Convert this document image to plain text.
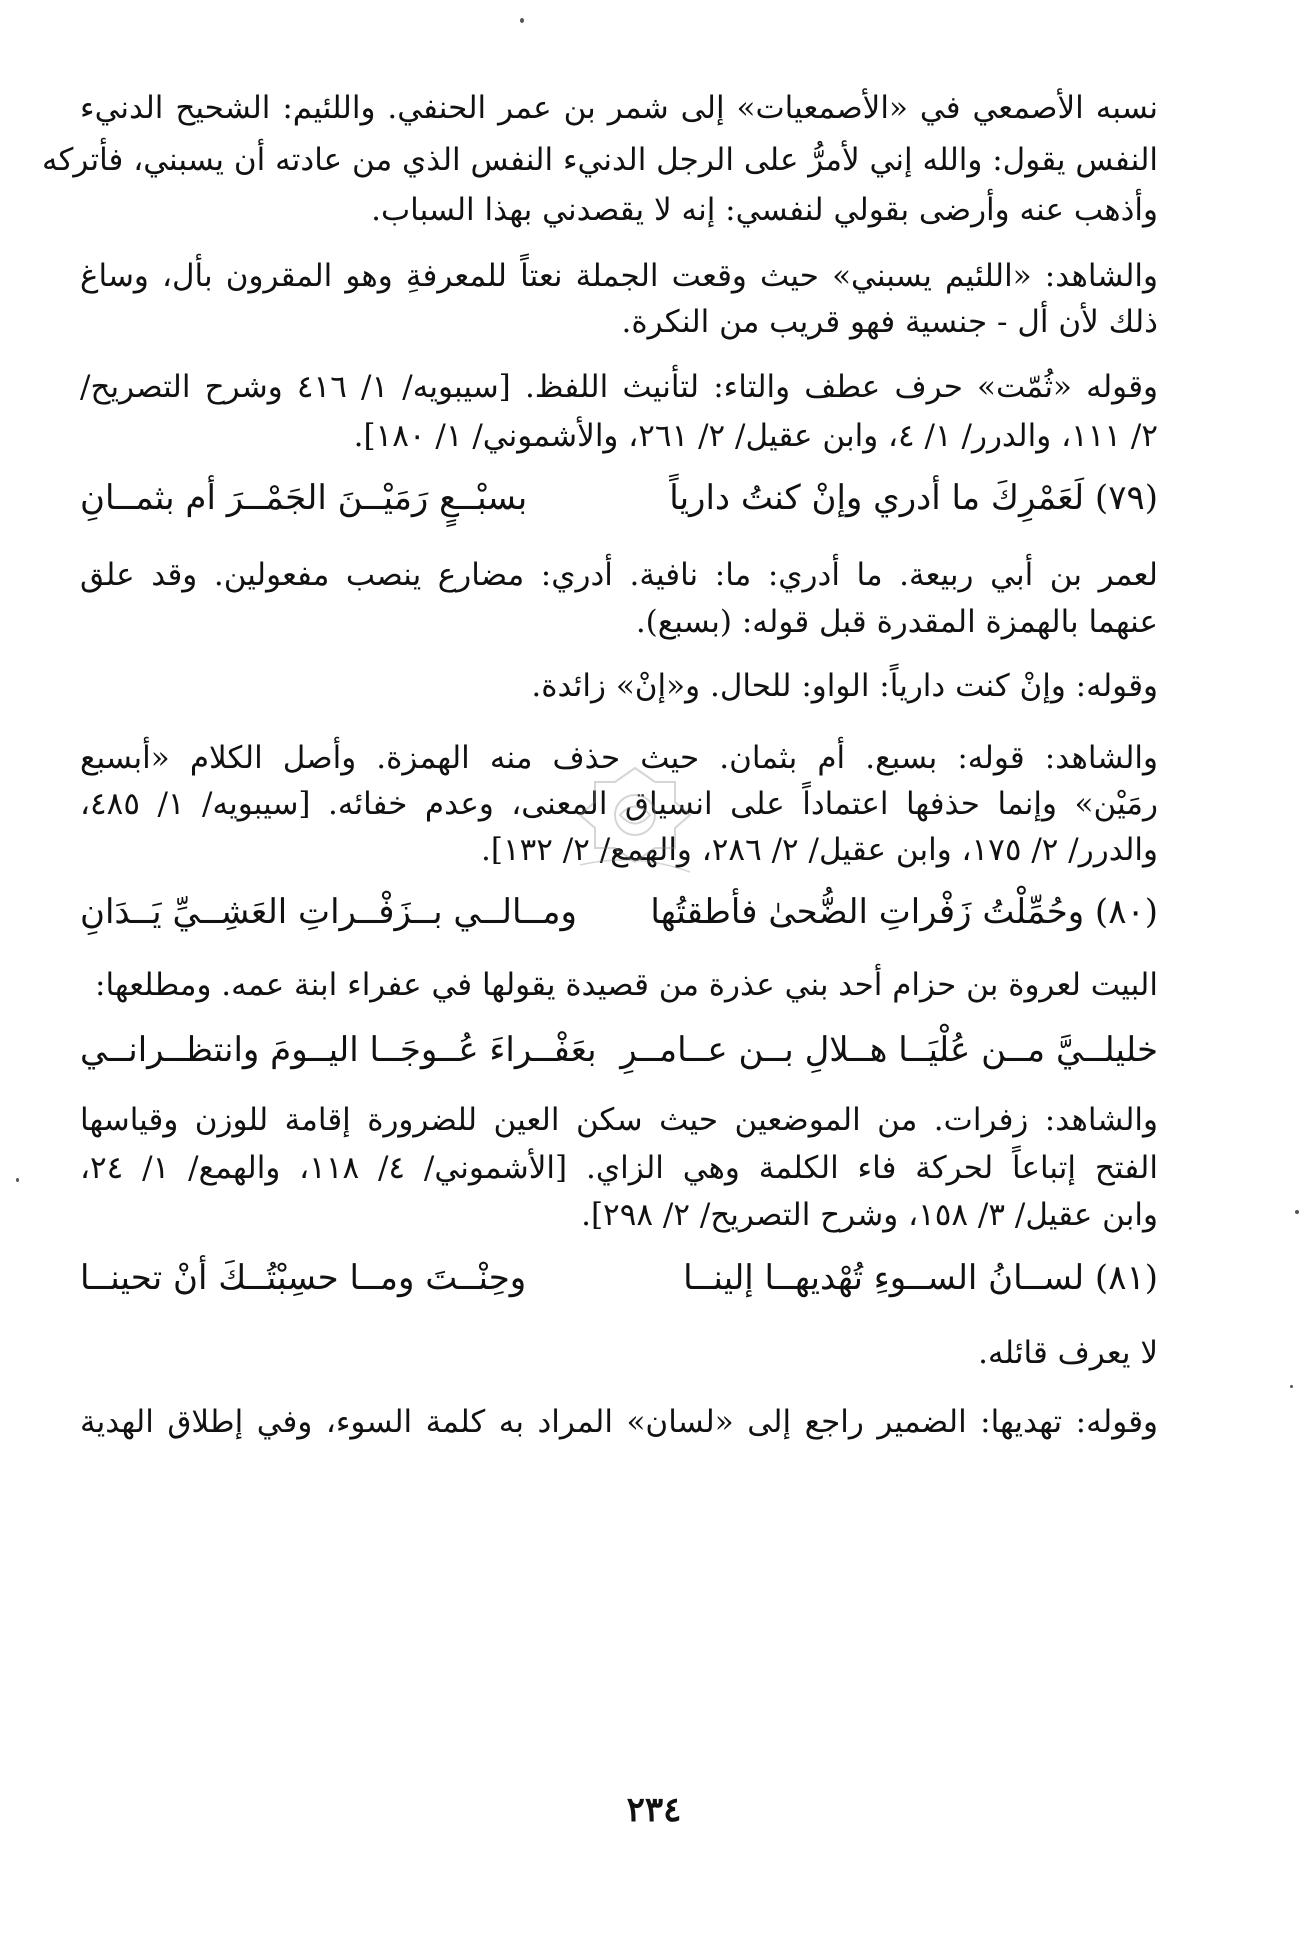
نسبه الأصمعي في «الأصمعيات» إلى شمر بن عمر الحنفي. واللئيم: الشحيح الدنيء
النفس يقول: والله إني لأمرُّ على الرجل الدنيء النفس الذي من عادته أن يسبني، فأتركه
وأذهب عنه وأرضى بقولي لنفسي: إنه لا يقصدني بهذا السباب.
والشاهد: «اللئيم يسبني» حيث وقعت الجملة نعتاً للمعرفةِ وهو المقرون بأل، وساغ
ذلك لأن أل - جنسية فهو قريب من النكرة.
وقوله «ثُمّت» حرف عطف والتاء: لتأنيث اللفظ. [سيبويه/ ١/ ٤١٦ وشرح التصريح/
٢/ ١١١، والدرر/ ١/ ٤، وابن عقيل/ ٢/ ٢٦١، والأشموني/ ١/ ١٨٠].
(٧٩) لَعَمْرِكَ ما أدري وإنْ كنتُ دارياً
بسبْــعٍ رَمَيْــنَ الجَمْــرَ أم بثمــانِ
لعمر بن أبي ربيعة. ما أدري: ما: نافية. أدري: مضارع ينصب مفعولين. وقد علق
عنهما بالهمزة المقدرة قبل قوله: (بسبع).
وقوله: وإنْ كنت دارياً: الواو: للحال. و«إنْ» زائدة.
والشاهد: قوله: بسبع. أم بثمان. حيث حذف منه الهمزة. وأصل الكلام «أبسبع
رمَيْن» وإنما حذفها اعتماداً على انسياق المعنى، وعدم خفائه. [سيبويه/ ١/ ٤٨٥،
والدرر/ ٢/ ١٧٥، وابن عقيل/ ٢/ ٢٨٦، والهمع/ ٢/ ١٣٢].
(٨٠) وحُمِّلْتُ زَفْراتِ الضُّحىٰ فأطقتُها
ومــالــي بــزَفْــراتِ العَشِــيِّ يَــدَانِ
البيت لعروة بن حزام أحد بني عذرة من قصيدة يقولها في عفراء ابنة عمه. ومطلعها:
خليلــيَّ مــن عُلْيَــا هــلالِ بــن عــامــرِ
بعَفْــراءَ عُــوجَــا اليــومَ وانتظــرانــي
والشاهد: زفرات. من الموضعين حيث سكن العين للضرورة إقامة للوزن وقياسها
الفتح إتباعاً لحركة فاء الكلمة وهي الزاي. [الأشموني/ ٤/ ١١٨، والهمع/ ١/ ٢٤،
وابن عقيل/ ٣/ ١٥٨، وشرح التصريح/ ٢/ ٢٩٨].
(٨١) لســانُ الســوءِ تُهْديهــا إلينــا
وحِنْــتَ ومــا حسِبْتُــكَ أنْ تحينــا
لا يعرف قائله.
وقوله: تهديها: الضمير راجع إلى «لسان» المراد به كلمة السوء، وفي إطلاق الهدية
٢٣٤
